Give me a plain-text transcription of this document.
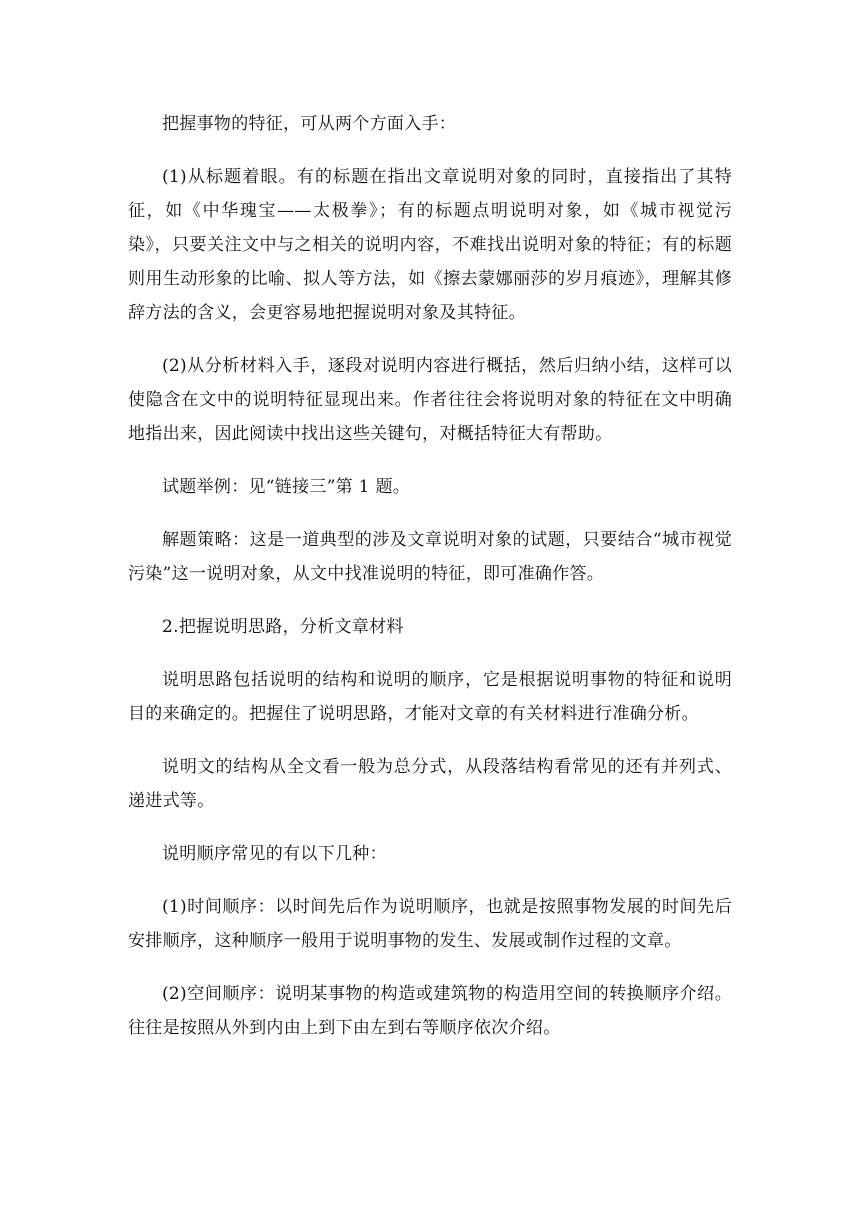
把握事物的特征，可从两个方面入手：

(1)从标题着眼。有的标题在指出文章说明对象的同时，直接指出了其特征，如《中华瑰宝——太极拳》；有的标题点明说明对象，如《城市视觉污染》，只要关注文中与之相关的说明内容，不难找出说明对象的特征；有的标题则用生动形象的比喻、拟人等方法，如《擦去蒙娜丽莎的岁月痕迹》，理解其修辞方法的含义，会更容易地把握说明对象及其特征。

(2)从分析材料入手，逐段对说明内容进行概括，然后归纳小结，这样可以使隐含在文中的说明特征显现出来。作者往往会将说明对象的特征在文中明确地指出来，因此阅读中找出这些关键句，对概括特征大有帮助。

试题举例：见“链接三”第 1 题。

解题策略：这是一道典型的涉及文章说明对象的试题，只要结合“城市视觉污染”这一说明对象，从文中找准说明的特征，即可准确作答。

2.把握说明思路，分析文章材料

说明思路包括说明的结构和说明的顺序，它是根据说明事物的特征和说明目的来确定的。把握住了说明思路，才能对文章的有关材料进行准确分析。

说明文的结构从全文看一般为总分式，从段落结构看常见的还有并列式、递进式等。

说明顺序常见的有以下几种：

(1)时间顺序：以时间先后作为说明顺序，也就是按照事物发展的时间先后安排顺序，这种顺序一般用于说明事物的发生、发展或制作过程的文章。

(2)空间顺序：说明某事物的构造或建筑物的构造用空间的转换顺序介绍。往往是按照从外到内由上到下由左到右等顺序依次介绍。
